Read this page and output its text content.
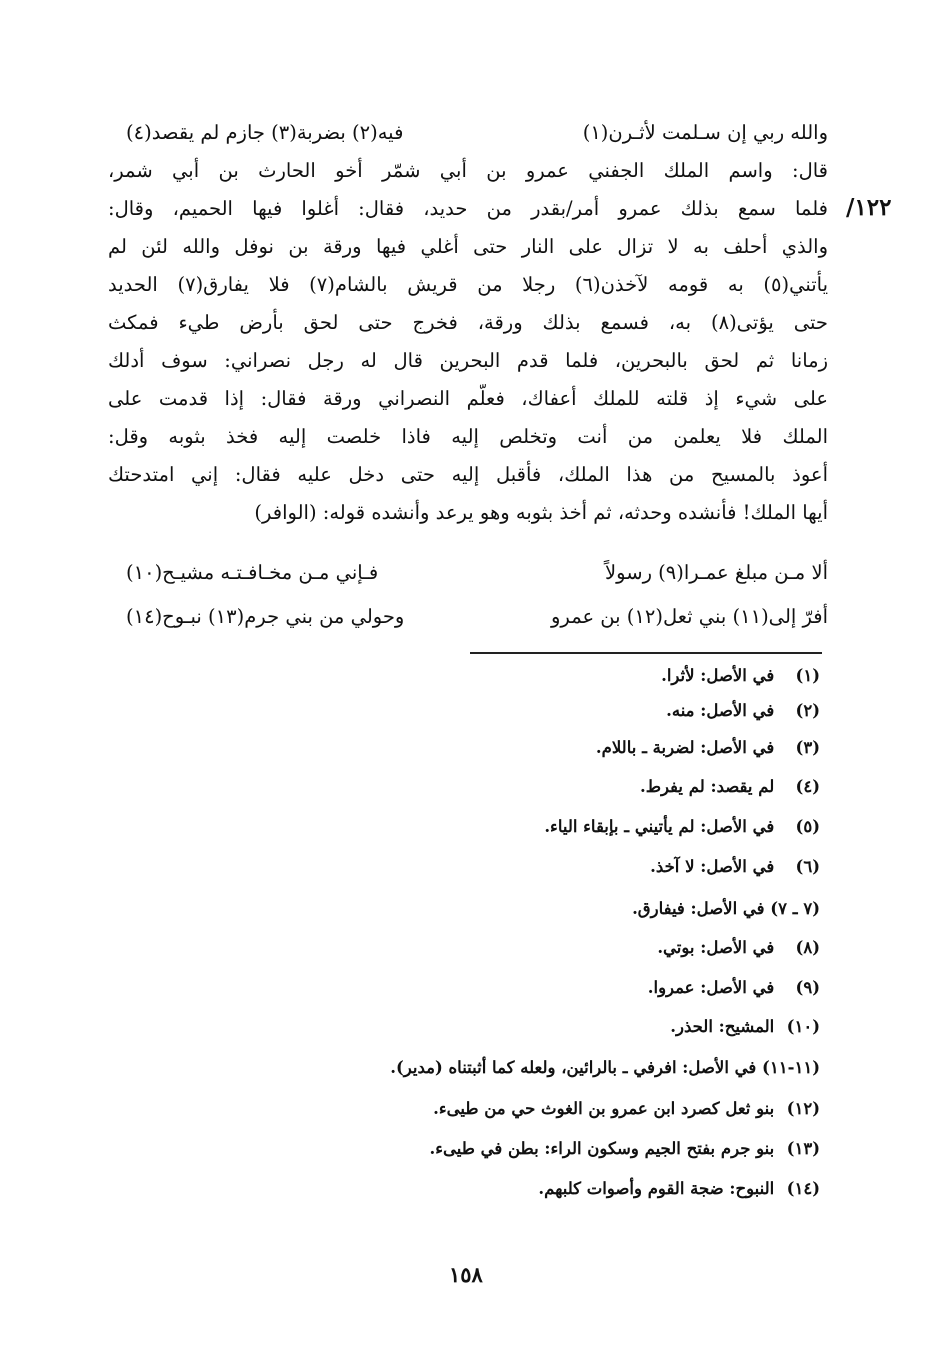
١٢٢/
والله ربي إن سـلمت لأثـرن(١)
فيه(٢) بضربة(٣) جازم لم يقصد(٤)
قال: واسم الملك الجفني عمرو بن أبي شمّر أخو الحارث بن أبي شمر،
فلما سمع بذلك عمرو أمر/بقدر من حديد، فقال: أغلوا فيها الحميم، وقال:
والذي أحلف به لا تزال على النار حتى أغلي فيها ورقة بن نوفل والله لئن لم
يأتني(٥) به قومه لآخذن(٦) رجلا من قريش بالشام(٧) فلا يفارق(٧) الحديد
حتى يؤتى(٨) به، فسمع بذلك ورقة، فخرج حتى لحق بأرض طيء فمكث
زمانا ثم لحق بالبحرين، فلما قدم البحرين قال له رجل نصراني: سوف أدلك
على شيء إذ قلته للملك أعفاك، فعلّم النصراني ورقة فقال: إذا قدمت على
الملك فلا يعلمن من أنت وتخلص إليه فاذا خلصت إليه فخذ بثوبه وقل:
أعوذ بالمسيح من هذا الملك، فأقبل إليه حتى دخل عليه فقال: إني امتدحتك
أيها الملك! فأنشده وحدثه، ثم أخذ بثوبه وهو يرعد وأنشده قوله: (الوافر)
ألا مـن مبلغ عمـرا(٩) رسولاً
فـإني مـن مخـافـتـه مشيـح(١٠)
أفرّ إلى(١١) بني ثعل(١٢) بن عمرو
وحولي من بني جرم(١٣) نبـوح(١٤)
(١) في الأصل: لأثرا.
(٢) في الأصل: منه.
(٣) في الأصل: لضربة ـ باللام.
(٤) لم يقصد: لم يفرط.
(٥) في الأصل: لم يأتيني ـ بإبقاء الياء.
(٦) في الأصل: لا آخذ.
(٧ ـ ٧) في الأصل: فيفارق.
(٨) في الأصل: بوتي.
(٩) في الأصل: عمروا.
(١٠) المشيح: الحذر.
(١١-١١) في الأصل: افرفي ـ بالرائين، ولعله كما أثبتناه (مدير).
(١٢) بنو ثعل كصرد ابن عمرو بن الغوث حي من طيىء.
(١٣) بنو جرم بفتح الجيم وسكون الراء: بطن في طيىء.
(١٤) النبوح: ضجة القوم وأصوات كلبهم.
١٥٨
